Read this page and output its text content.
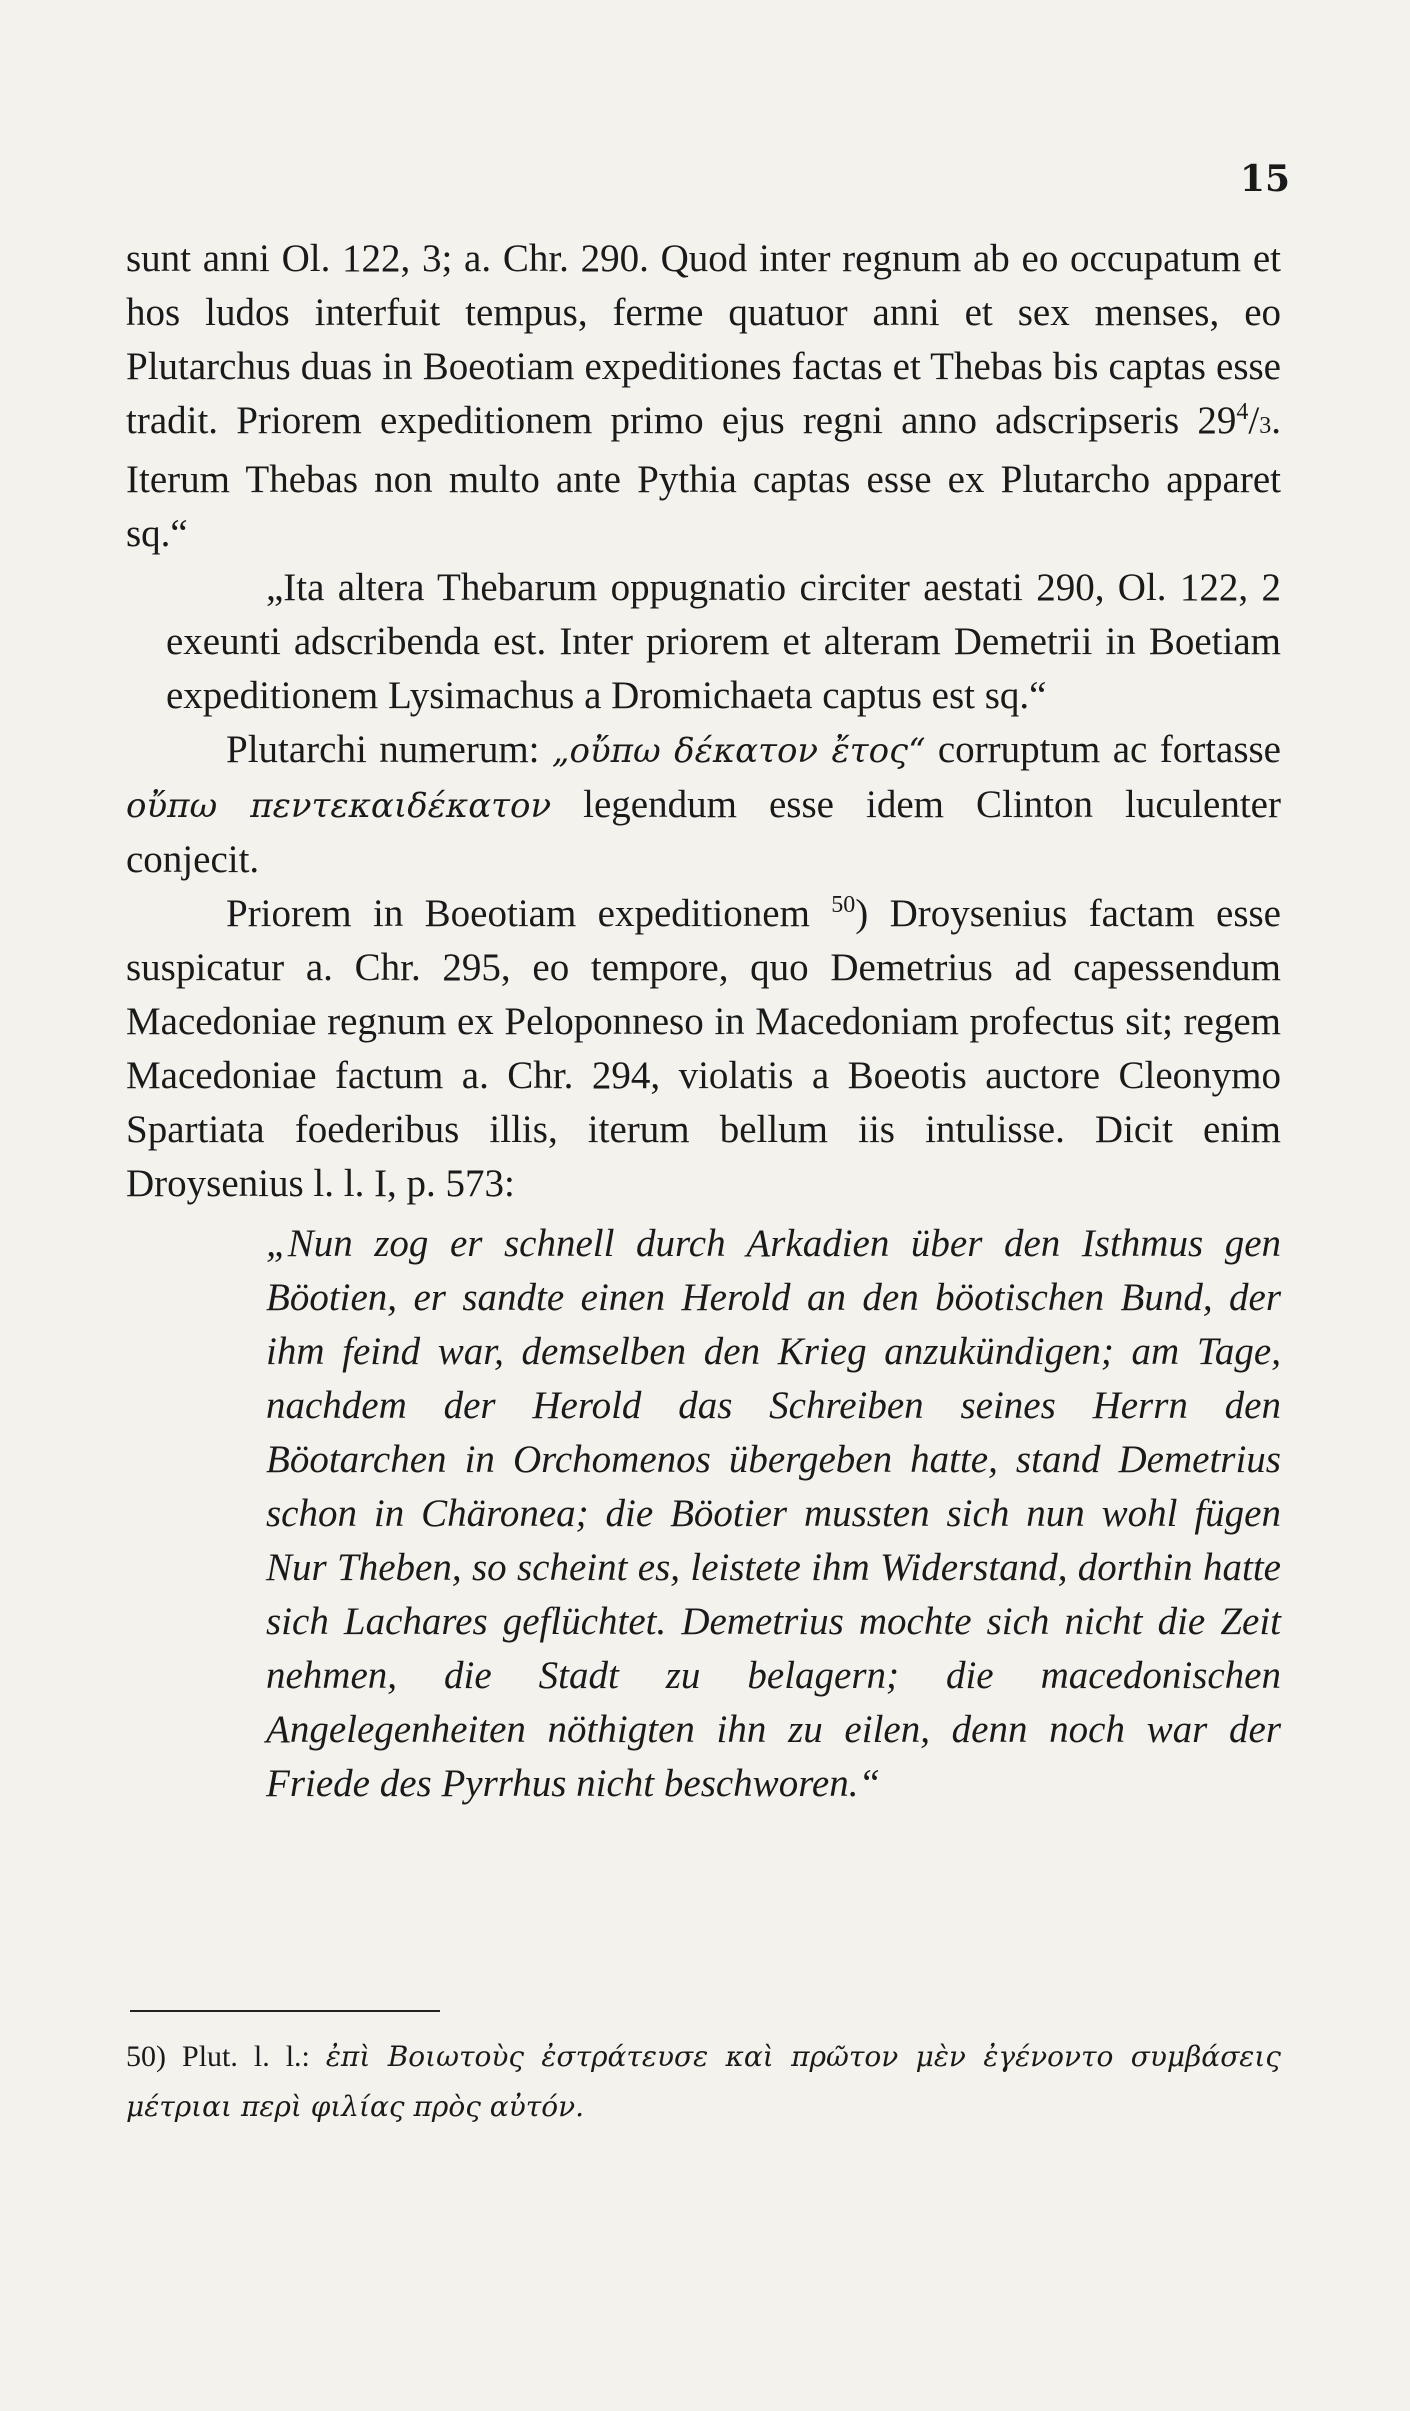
15

sunt anni Ol. 122, 3; a. Chr. 290. Quod inter regnum ab eo occupatum et hos ludos interfuit tempus, ferme quatuor anni et sex menses, eo Plutarchus duas in Boeotiam expeditiones factas et Thebas bis captas esse tradit. Priorem expeditionem primo ejus regni anno adscripseris $29^4/3$. Iterum Thebas non multo ante Pythia captas esse ex Plutarcho apparet sq.“

„Ita altera Thebarum oppugnatio circiter aestati 290, Ol. 122, 2 exeunti adscribenda est. Inter priorem et alteram Demetrii in Boetiam expeditionem Lysimachus a Dromichaeta captus est sq.“

Plutarchi numerum: „οὔπω δέκατον ἔτος“ corruptum ac fortasse οὔπω πεντεκαιδέκατον legendum esse idem Clinton luculenter conjecit.

Priorem in Boeotiam expeditionem $^{50}$) Droysenius factam esse suspicatur a. Chr. 295, eo tempore, quo Demetrius ad capessendum Macedoniae regnum ex Peloponneso in Macedoniam profectus sit; regem Macedoniae factum a. Chr. 294, violatis a Boeotis auctore Cleonymo Spartiata foederibus illis, iterum bellum iis intulisse. Dicit enim Droysenius l. l. I, p. 573:

„Nun zog er schnell durch Arkadien über den Isthmus gen Böotien, er sandte einen Herold an den böotischen Bund, der ihm feind war, demselben den Krieg anzukündigen; am Tage, nachdem der Herold das Schreiben seines Herrn den Böotarchen in Orchomenos übergeben hatte, stand Demetrius schon in Chäronea; die Böotier mussten sich nun wohl fügen Nur Theben, so scheint es, leistete ihm Widerstand, dorthin hatte sich Lachares geflüchtet. Demetrius mochte sich nicht die Zeit nehmen, die Stadt zu belagern; die macedonischen Angelegenheiten nöthigten ihn zu eilen, denn noch war der Friede des Pyrrhus nicht beschworen.“

50) Plut. l. l.: ἐπὶ Βοιωτοὺς ἐστράτευσε καὶ πρῶτον μὲν ἐγένοντο συμβάσεις μέτριαι περὶ φιλίας πρὸς αὐτόν.
